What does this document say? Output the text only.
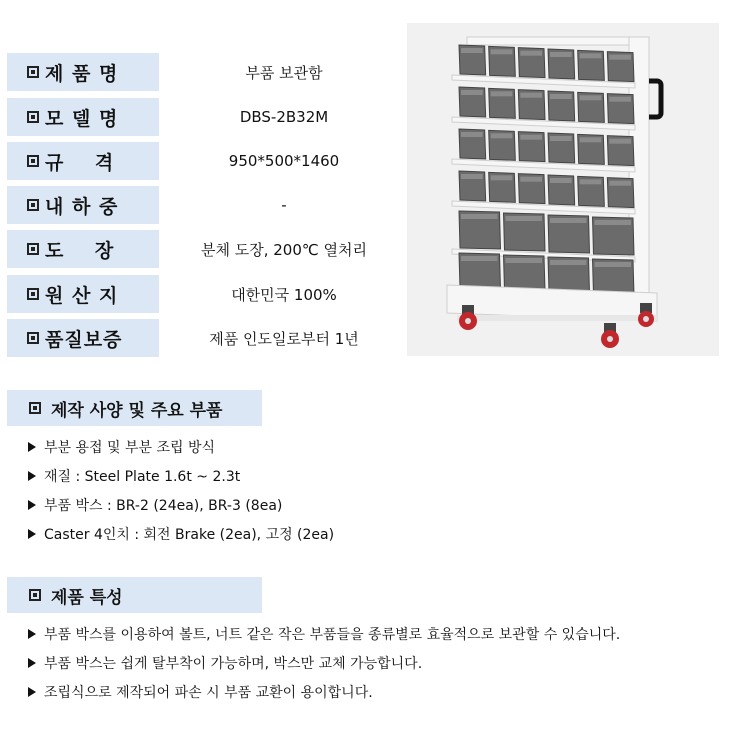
제 품 명	부품 보관함
모 델 명	DBS-2B32M
규    격	950*500*1460
내 하 중	-
도    장	분체 도장, 200℃ 열처리
원 산 지	대한민국 100%
품질보증	제품 인도일로부터 1년
제작 사양 및 주요 부품
부분 용접 및 부분 조립 방식
재질 : Steel Plate 1.6t ~ 2.3t
부품 박스 : BR-2 (24ea), BR-3 (8ea)
Caster 4인치 : 회전 Brake (2ea), 고정 (2ea)
제품 특성
부품 박스를 이용하여 볼트, 너트 같은 작은 부품들을 종류별로 효율적으로 보관할 수 있습니다.
부품 박스는 쉽게 탈부착이 가능하며, 박스만 교체 가능합니다.
조립식으로 제작되어 파손 시 부품 교환이 용이합니다.
